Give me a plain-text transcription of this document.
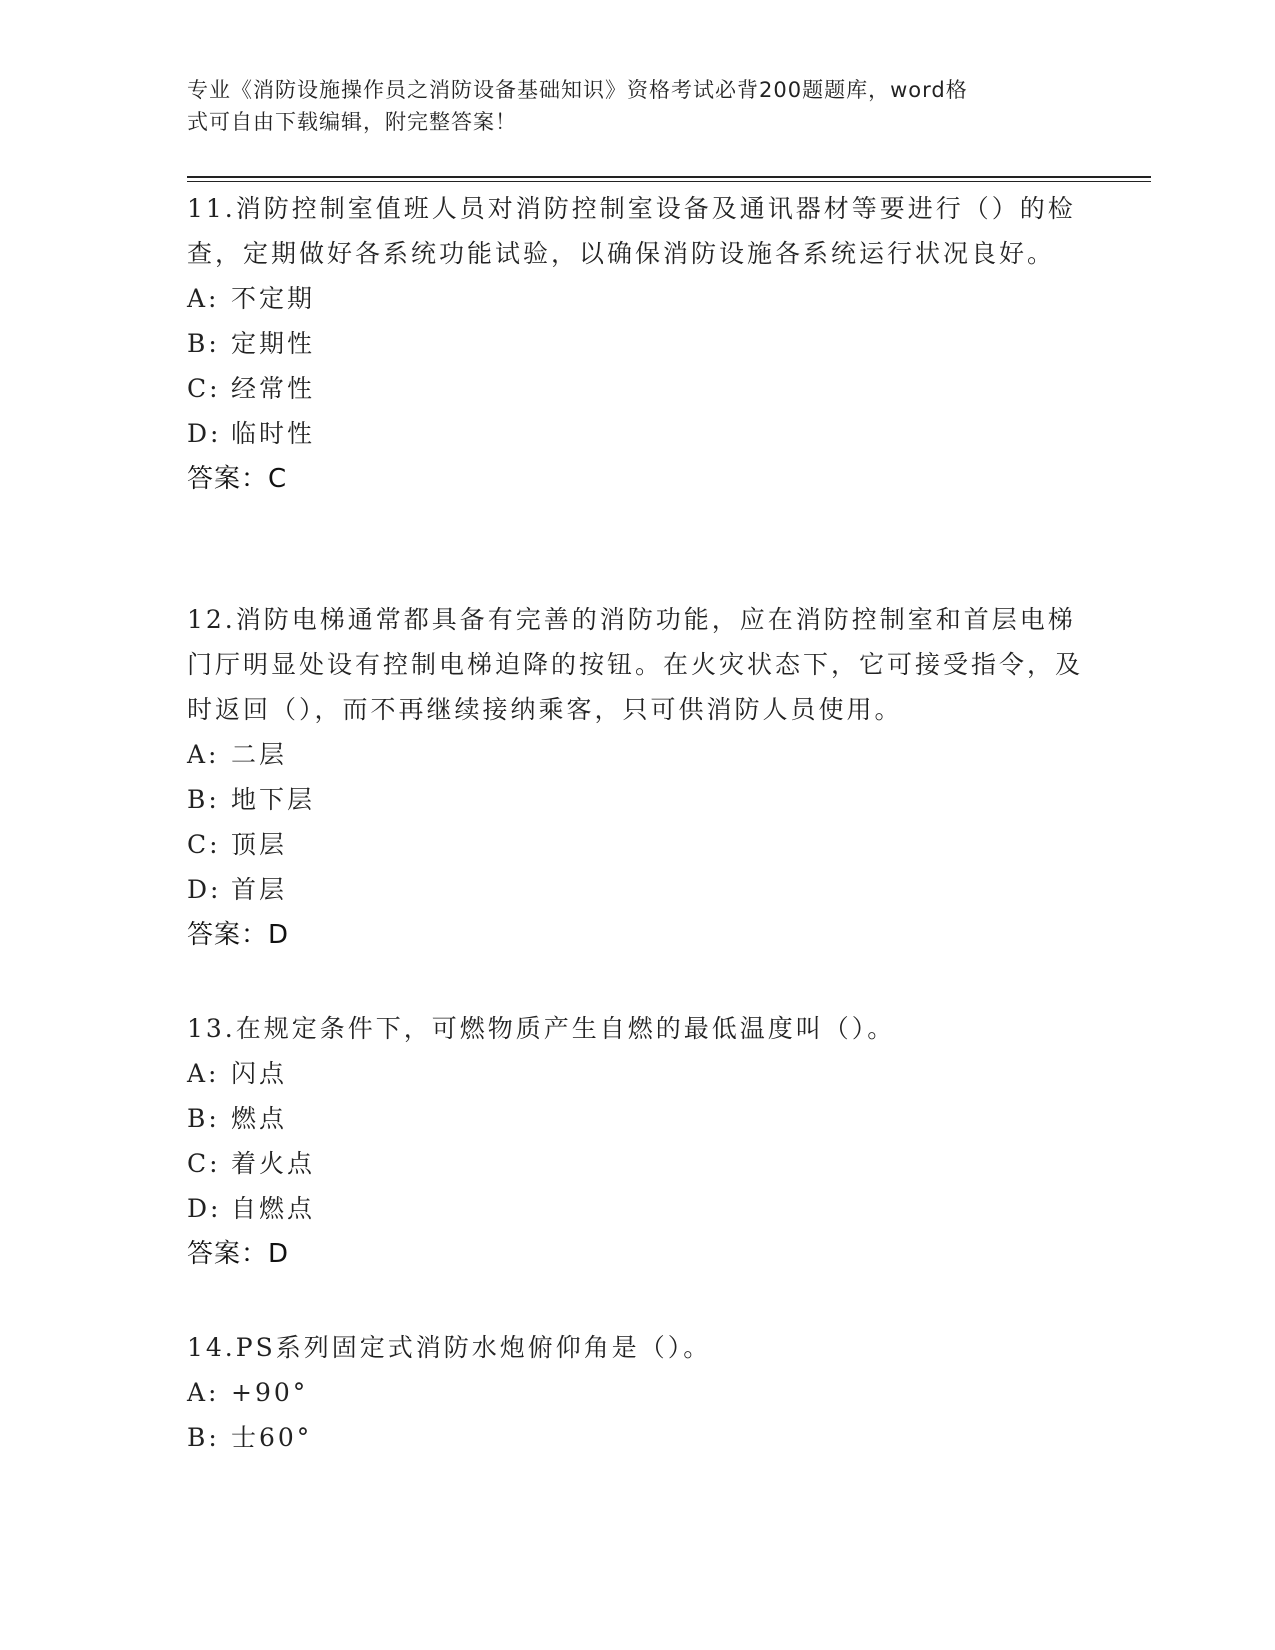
专业《消防设施操作员之消防设备基础知识》资格考试必背200题题库，word格
式可自由下载编辑，附完整答案！

11.消防控制室值班人员对消防控制室设备及通讯器材等要进行（）的检查，定期做好各系统功能试验，以确保消防设施各系统运行状况良好。

A: 不定期
B: 定期性
C: 经常性
D: 临时性
答案：C

12.消防电梯通常都具备有完善的消防功能，应在消防控制室和首层电梯门厅明显处设有控制电梯迫降的按钮。在火灾状态下，它可接受指令，及时返回（），而不再继续接纳乘客，只可供消防人员使用。

A: 二层
B: 地下层
C: 顶层
D: 首层
答案：D

13.在规定条件下，可燃物质产生自燃的最低温度叫（）。

A: 闪点
B: 燃点
C: 着火点
D: 自燃点
答案：D

14.PS系列固定式消防水炮俯仰角是（）。

A: +90°
B: 士60°
